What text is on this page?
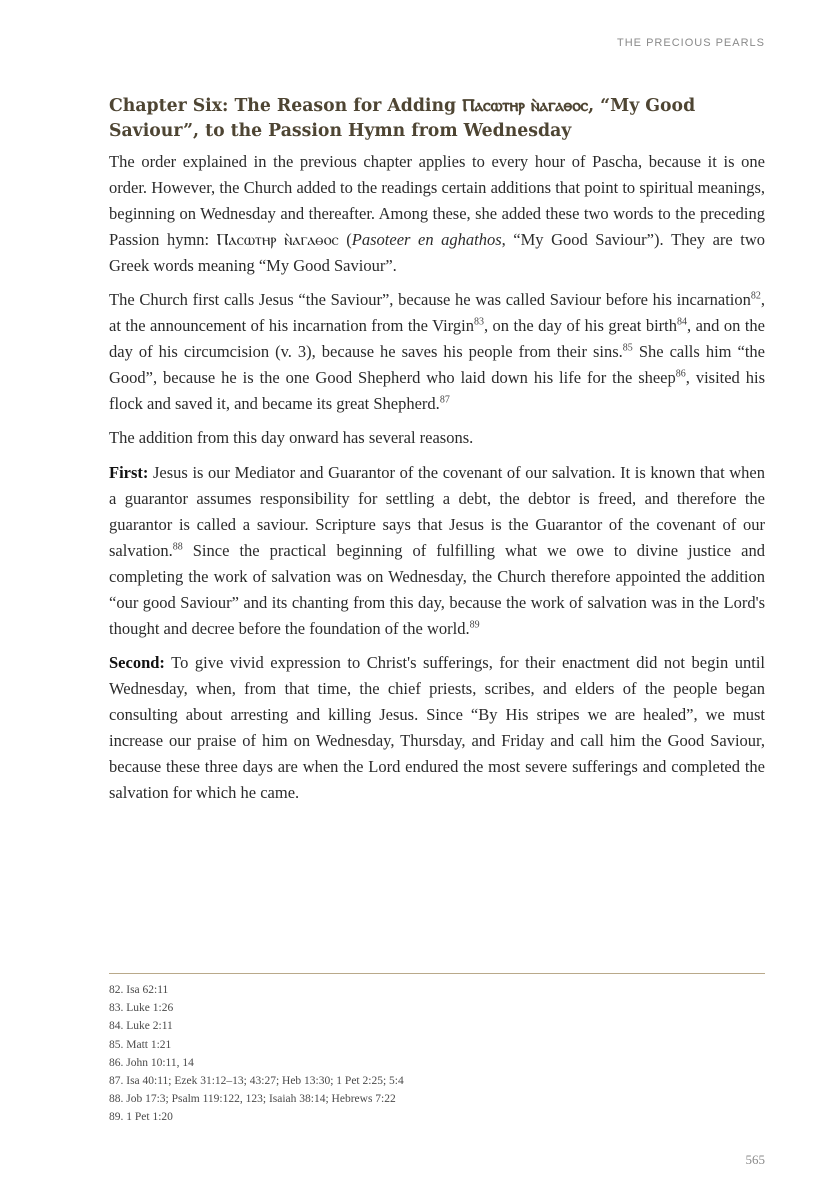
THE PRECIOUS PEARLS
Chapter Six: The Reason for Adding Ⲡⲁⲥⲱⲧⲏⲣ ⲛ̀ⲁⲅⲁⲑⲟⲥ, “My Good Saviour”, to the Passion Hymn from Wednesday

The order explained in the previous chapter applies to every hour of Pascha, because it is one order. However, the Church added to the readings certain additions that point to spiritual meanings, beginning on Wednesday and thereafter. Among these, she added these two words to the preceding Passion hymn: Ⲡⲁⲥⲱⲧⲏⲣ ⲛ̀ⲁⲅⲁⲑⲟⲥ (Pasoteer en aghathos, “My Good Saviour”). They are two Greek words meaning “My Good Saviour”.

The Church first calls Jesus “the Saviour”, because he was called Saviour before his incarnation$^{82}$, at the announcement of his incarnation from the Virgin$^{83}$, on the day of his great birth$^{84}$, and on the day of his circumcision (v. 3), because he saves his people from their sins.$^{85}$ She calls him “the Good”, because he is the one Good Shepherd who laid down his life for the sheep$^{86}$, visited his flock and saved it, and became its great Shepherd.$^{87}$

The addition from this day onward has several reasons.

First: Jesus is our Mediator and Guarantor of the covenant of our salvation. It is known that when a guarantor assumes responsibility for settling a debt, the debtor is freed, and therefore the guarantor is called a saviour. Scripture says that Jesus is the Guarantor of the covenant of our salvation.$^{88}$ Since the practical beginning of fulfilling what we owe to divine justice and completing the work of salvation was on Wednesday, the Church therefore appointed the addition “our good Saviour” and its chanting from this day, because the work of salvation was in the Lord's thought and decree before the foundation of the world.$^{89}$

Second: To give vivid expression to Christ's sufferings, for their enactment did not begin until Wednesday, when, from that time, the chief priests, scribes, and elders of the people began consulting about arresting and killing Jesus. Since “By His stripes we are healed”, we must increase our praise of him on Wednesday, Thursday, and Friday and call him the Good Saviour, because these three days are when the Lord endured the most severe sufferings and completed the salvation for which he came.

82. Isa 62:11
83. Luke 1:26
84. Luke 2:11
85. Matt 1:21
86. John 10:11, 14
87. Isa 40:11; Ezek 31:12–13; 43:27; Heb 13:30; 1 Pet 2:25; 5:4
88. Job 17:3; Psalm 119:122, 123; Isaiah 38:14; Hebrews 7:22
89. 1 Pet 1:20
565
